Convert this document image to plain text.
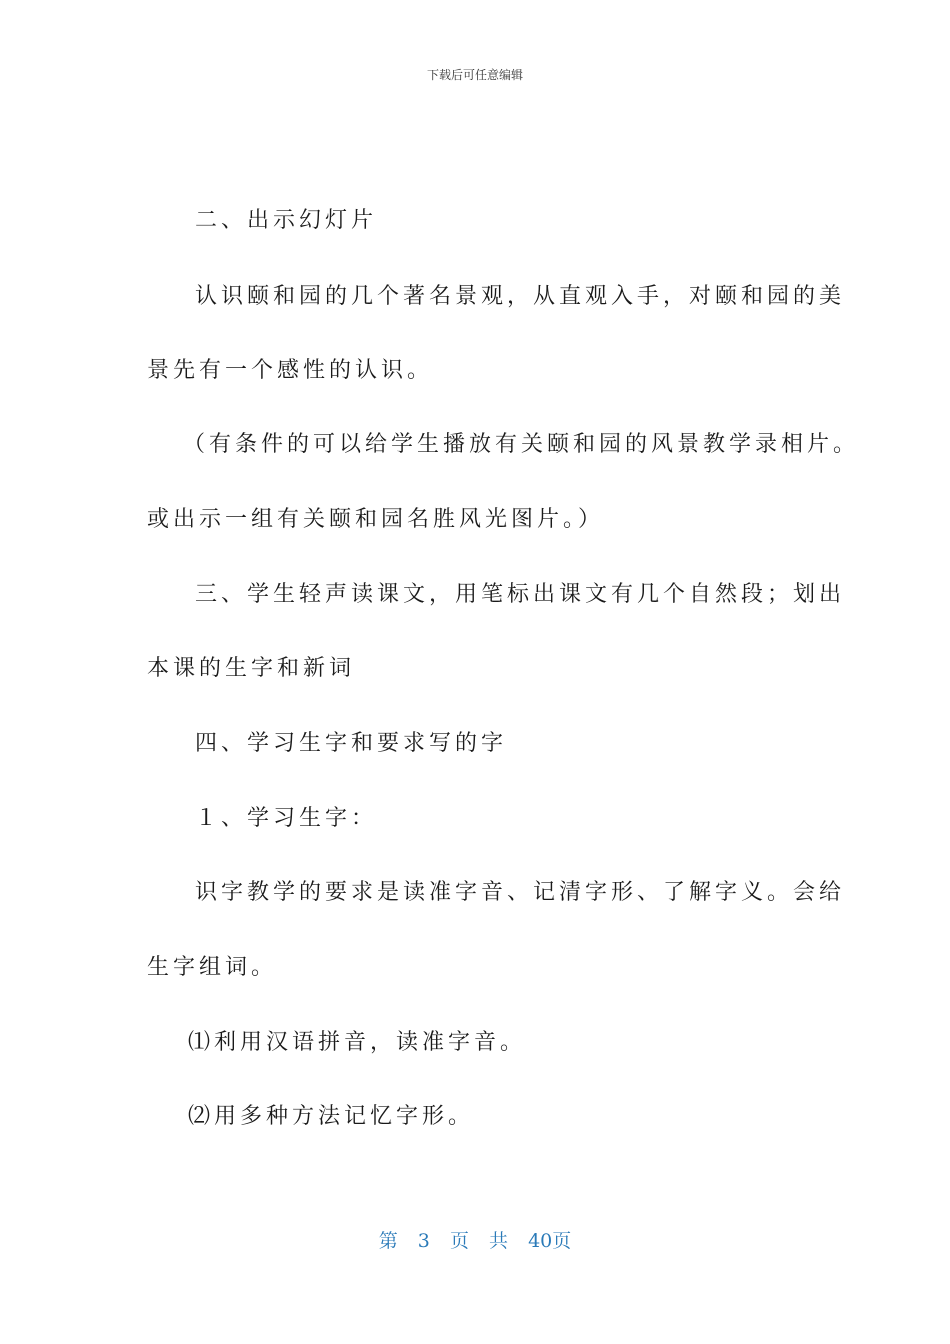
下载后可任意编辑
二、出示幻灯片
认识颐和园的几个著名景观，从直观入手，对颐和园的美
景先有一个感性的认识。
（有条件的可以给学生播放有关颐和园的风景教学录相片。
或出示一组有关颐和园名胜风光图片。）
三、学生轻声读课文，用笔标出课文有几个自然段；划出
本课的生字和新词
四、学习生字和要求写的字
１、学习生字：
识字教学的要求是读准字音、记清字形、了解字义。会给
生字组词。
⑴利用汉语拼音，读准字音。
⑵用多种方法记忆字形。
第 3 页 共 40页
